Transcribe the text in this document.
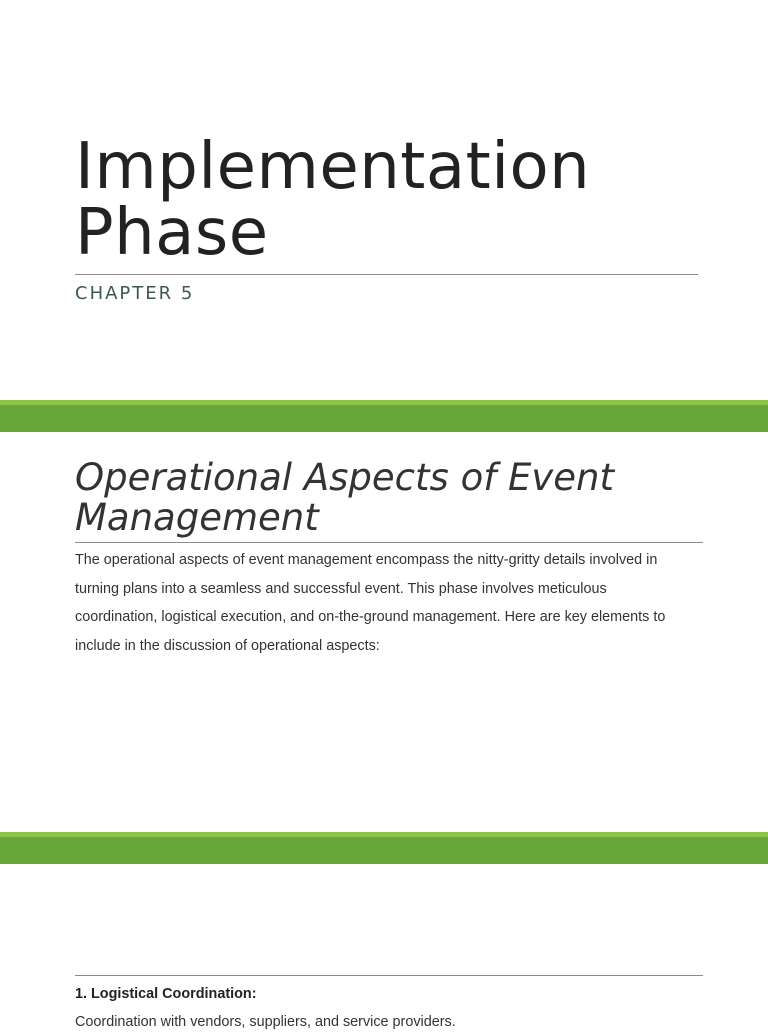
Implementation
Phase
CHAPTER 5
Operational Aspects of Event
Management

The operational aspects of event management encompass the nitty-gritty details involved in turning plans into a seamless and successful event. This phase involves meticulous coordination, logistical execution, and on-the-ground management. Here are key elements to include in the discussion of operational aspects:

1. Logistical Coordination:

Coordination with vendors, suppliers, and service providers.
